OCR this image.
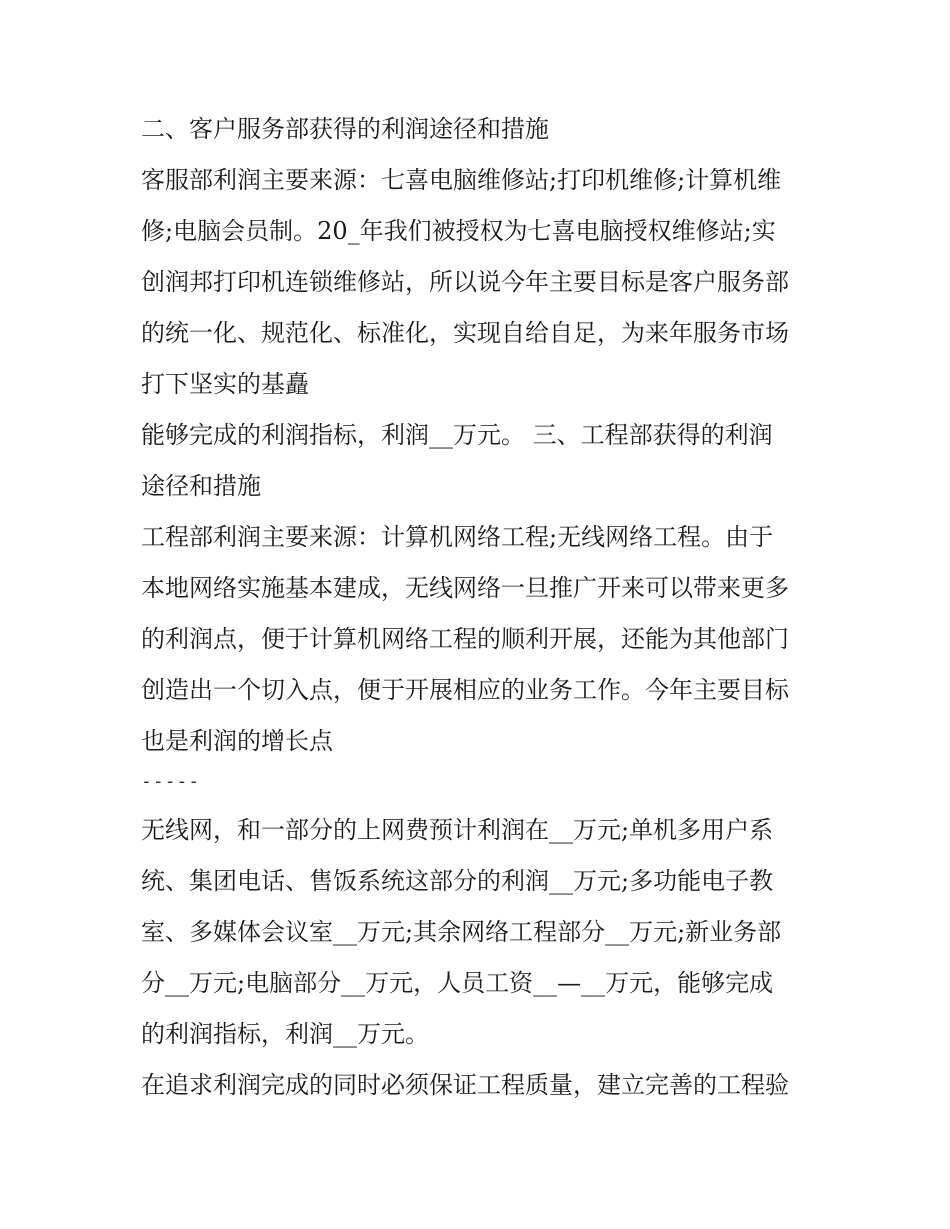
二、客户服务部获得的利润途径和措施
客服部利润主要来源：七喜电脑维修站;打印机维修;计算机维
修;电脑会员制。20_年我们被授权为七喜电脑授权维修站;实
创润邦打印机连锁维修站，所以说今年主要目标是客户服务部
的统一化、规范化、标准化，实现自给自足，为来年服务市场
打下坚实的基矗
能够完成的利润指标，利润__万元。 三、工程部获得的利润
途径和措施
工程部利润主要来源：计算机网络工程;无线网络工程。由于
本地网络实施基本建成，无线网络一旦推广开来可以带来更多
的利润点，便于计算机网络工程的顺利开展，还能为其他部门
创造出一个切入点，便于开展相应的业务工作。今年主要目标
也是利润的增长点
-----
无线网，和一部分的上网费预计利润在__万元;单机多用户系
统、集团电话、售饭系统这部分的利润__万元;多功能电子教
室、多媒体会议室__万元;其余网络工程部分__万元;新业务部
分__万元;电脑部分__万元，人员工资__—__万元，能够完成
的利润指标，利润__万元。
在追求利润完成的同时必须保证工程质量，建立完善的工程验
